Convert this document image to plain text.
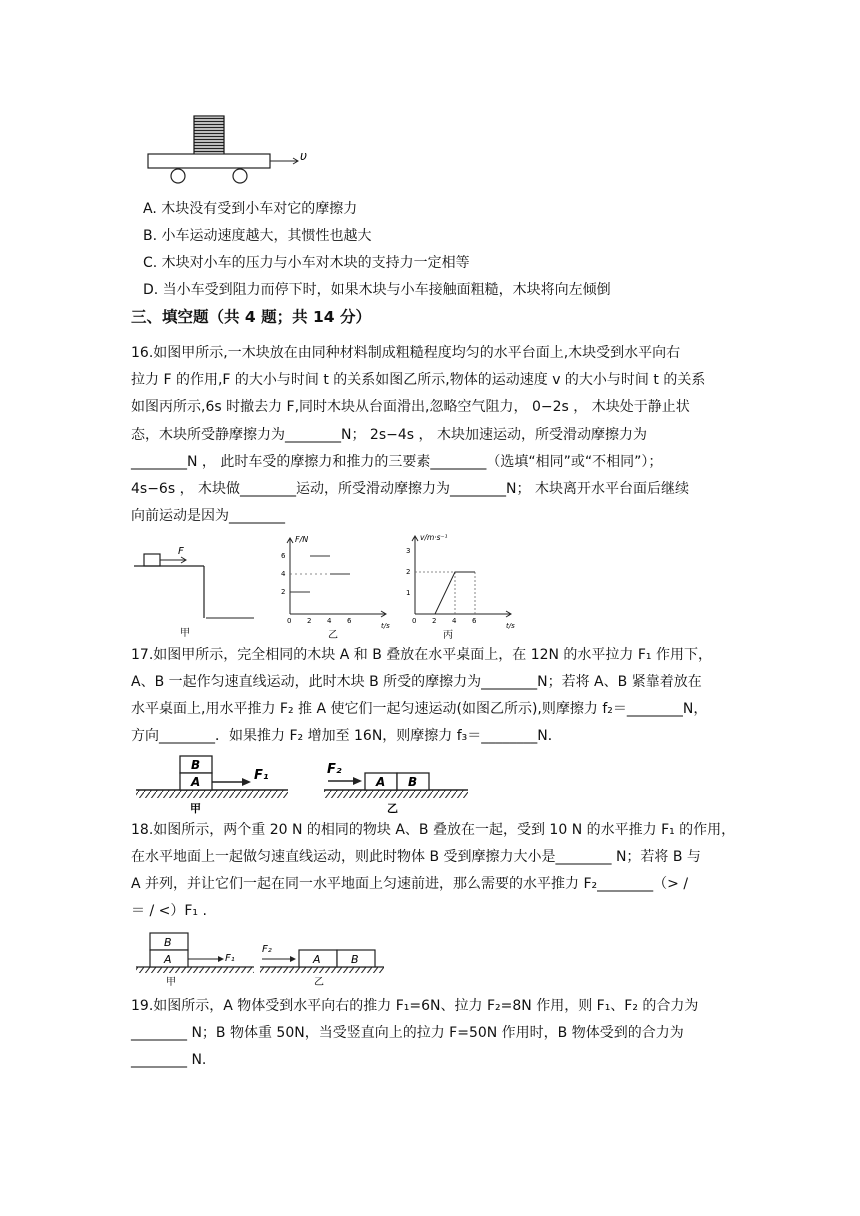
υ
A. 木块没有受到小车对它的摩擦力
B. 小车运动速度越大，其惯性也越大
C. 木块对小车的压力与小车对木块的支持力一定相等
D. 当小车受到阻力而停下时，如果木块与小车接触面粗糙，木块将向左倾倒
三、填空题（共 4 题；共 14 分）
16.如图甲所示,一木块放在由同种材料制成粗糙程度均匀的水平台面上,木块受到水平向右
拉力 F 的作用,F 的大小与时间 t 的关系如图乙所示,物体的运动速度 v 的大小与时间 t 的关系
如图丙所示,6s 时撤去力 F,同时木块从台面滑出,忽略空气阻力， 0−2s ， 木块处于静止状
态，木块所受静摩擦力为________N； 2s−4s ， 木块加速运动，所受滑动摩擦力为
________N ， 此时车受的摩擦力和推力的三要素________（选填“相同”或“不相同”）；
4s−6s ， 木块做________运动，所受滑动摩擦力为________N； 木块离开水平台面后继续
向前运动是因为________
F
甲
F/N
t/s
2
4
6
0 2 4 6
乙
v/m·s⁻¹
t/s
1
2
3
0 2 4 6
丙
17.如图甲所示，完全相同的木块 A 和 B 叠放在水平桌面上，在 12N 的水平拉力 F₁ 作用下，
A、B 一起作匀速直线运动，此时木块 B 所受的摩擦力为________N；若将 A、B 紧靠着放在
水平桌面上,用水平推力 F₂ 推 A 使它们一起匀速运动(如图乙所示),则摩擦力 f₂＝________N，
方向________．如果推力 F₂ 增加至 16N，则摩擦力 f₃＝________N．
B
A	F₁
甲
F₂
A B
乙
18.如图所示，两个重 20 N 的相同的物块 A、B 叠放在一起，受到 10 N 的水平推力 F₁ 的作用，
在水平地面上一起做匀速直线运动，则此时物体 B 受到摩擦力大小是________ N；若将 B 与
A 并列，并让它们一起在同一水平地面上匀速前进，那么需要的水平推力 F₂________（> /
＝ / <）F₁ .
B
A	F₁
甲
F₂
A	B
乙
19.如图所示，A 物体受到水平向右的推力 F₁=6N、拉力 F₂=8N 作用，则 F₁、F₂ 的合力为
________ N；B 物体重 50N，当受竖直向上的拉力 F=50N 作用时，B 物体受到的合力为
________ N.
